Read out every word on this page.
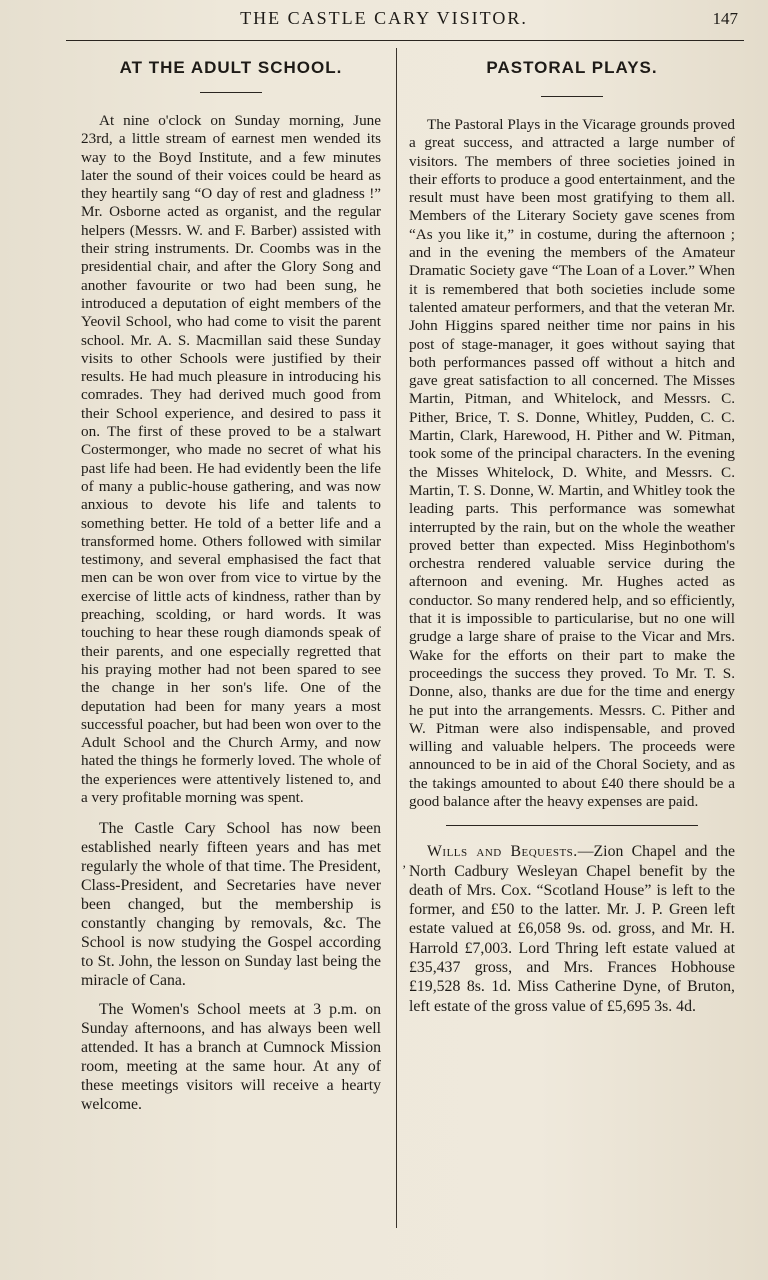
THE CASTLE CARY VISITOR.	147
AT THE ADULT SCHOOL.

At nine o'clock on Sunday morning, June 23rd, a little stream of earnest men wended its way to the Boyd Institute, and a few minutes later the sound of their voices could be heard as they heartily sang “O day of rest and gladness !” Mr. Osborne acted as organist, and the regular helpers (Messrs. W. and F. Barber) assisted with their string instruments. Dr. Coombs was in the presidential chair, and after the Glory Song and another favourite or two had been sung, he introduced a deputation of eight members of the Yeovil School, who had come to visit the parent school. Mr. A. S. Macmillan said these Sunday visits to other Schools were justified by their results. He had much pleasure in introducing his comrades. They had derived much good from their School experience, and desired to pass it on. The first of these proved to be a stalwart Costermonger, who made no secret of what his past life had been. He had evidently been the life of many a public-house gathering, and was now anxious to devote his life and talents to something better. He told of a better life and a transformed home. Others followed with similar testimony, and several emphasised the fact that men can be won over from vice to virtue by the exercise of little acts of kindness, rather than by preaching, scolding, or hard words. It was touching to hear these rough diamonds speak of their parents, and one especially regretted that his praying mother had not been spared to see the change in her son's life. One of the deputation had been for many years a most successful poacher, but had been won over to the Adult School and the Church Army, and now hated the things he formerly loved. The whole of the experiences were attentively listened to, and a very profitable morning was spent.

The Castle Cary School has now been established nearly fifteen years and has met regularly the whole of that time. The President, Class-President, and Secretaries have never been changed, but the membership is constantly changing by removals, &c. The School is now studying the Gospel according to St. John, the lesson on Sunday last being the miracle of Cana.

The Women's School meets at 3 p.m. on Sunday afternoons, and has always been well attended. It has a branch at Cumnock Mission room, meeting at the same hour. At any of these meetings visitors will receive a hearty welcome.

PASTORAL PLAYS.

The Pastoral Plays in the Vicarage grounds proved a great success, and attracted a large number of visitors. The members of three societies joined in their efforts to produce a good entertainment, and the result must have been most gratifying to them all. Members of the Literary Society gave scenes from “As you like it,” in costume, during the afternoon ; and in the evening the members of the Amateur Dramatic Society gave “The Loan of a Lover.” When it is remembered that both societies include some talented amateur performers, and that the veteran Mr. John Higgins spared neither time nor pains in his post of stage-manager, it goes without saying that both performances passed off without a hitch and gave great satisfaction to all concerned. The Misses Martin, Pitman, and Whitelock, and Messrs. C. Pither, Brice, T. S. Donne, Whitley, Pudden, C. C. Martin, Clark, Harewood, H. Pither and W. Pitman, took some of the principal characters. In the evening the Misses Whitelock, D. White, and Messrs. C. Martin, T. S. Donne, W. Martin, and Whitley took the leading parts. This performance was somewhat interrupted by the rain, but on the whole the weather proved better than expected. Miss Heginbothom's orchestra rendered valuable service during the afternoon and evening. Mr. Hughes acted as conductor. So many rendered help, and so efficiently, that it is impossible to particularise, but no one will grudge a large share of praise to the Vicar and Mrs. Wake for the efforts on their part to make the proceedings the success they proved. To Mr. T. S. Donne, also, thanks are due for the time and energy he put into the arrangements. Messrs. C. Pither and W. Pitman were also indispensable, and proved willing and valuable helpers. The proceeds were announced to be in aid of the Choral Society, and as the takings amounted to about £40 there should be a good balance after the heavy expenses are paid.

’

Wills and Bequests.—Zion Chapel and the North Cadbury Wesleyan Chapel benefit by the death of Mrs. Cox. “Scotland House” is left to the former, and £50 to the latter. Mr. J. P. Green left estate valued at £6,058 9s. od. gross, and Mr. H. Harrold £7,003. Lord Thring left estate valued at £35,437 gross, and Mrs. Frances Hobhouse £19,528 8s. 1d. Miss Catherine Dyne, of Bruton, left estate of the gross value of £5,695 3s. 4d.
